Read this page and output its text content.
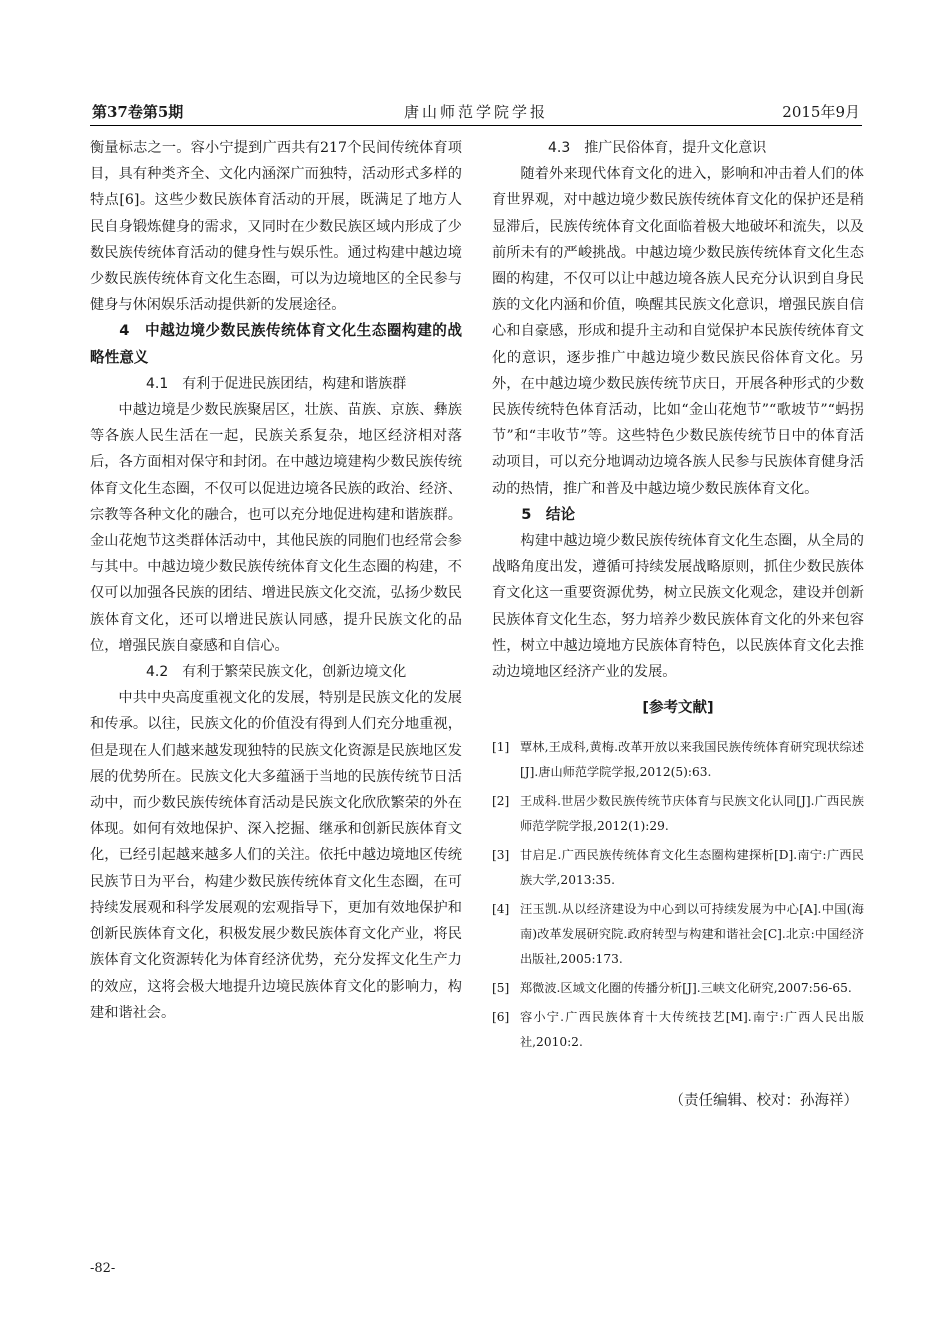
第37卷第5期	唐山师范学院学报	2015年9月

衡量标志之一。容小宁提到广西共有217个民间传统体育项目，具有种类齐全、文化内涵深广而独特，活动形式多样的特点[6]。这些少数民族体育活动的开展，既满足了地方人民自身锻炼健身的需求，又同时在少数民族区域内形成了少数民族传统体育活动的健身性与娱乐性。通过构建中越边境少数民族传统体育文化生态圈，可以为边境地区的全民参与健身与休闲娱乐活动提供新的发展途径。

4　中越边境少数民族传统体育文化生态圈构建的战略性意义

4.1　有利于促进民族团结，构建和谐族群

中越边境是少数民族聚居区，壮族、苗族、京族、彝族等各族人民生活在一起，民族关系复杂，地区经济相对落后，各方面相对保守和封闭。在中越边境建构少数民族传统体育文化生态圈，不仅可以促进边境各民族的政治、经济、宗教等各种文化的融合，也可以充分地促进构建和谐族群。金山花炮节这类群体活动中，其他民族的同胞们也经常会参与其中。中越边境少数民族传统体育文化生态圈的构建，不仅可以加强各民族的团结、增进民族文化交流，弘扬少数民族体育文化，还可以增进民族认同感，提升民族文化的品位，增强民族自豪感和自信心。

4.2　有利于繁荣民族文化，创新边境文化

中共中央高度重视文化的发展，特别是民族文化的发展和传承。以往，民族文化的价值没有得到人们充分地重视，但是现在人们越来越发现独特的民族文化资源是民族地区发展的优势所在。民族文化大多蕴涵于当地的民族传统节日活动中，而少数民族传统体育活动是民族文化欣欣繁荣的外在体现。如何有效地保护、深入挖掘、继承和创新民族体育文化，已经引起越来越多人们的关注。依托中越边境地区传统民族节日为平台，构建少数民族传统体育文化生态圈，在可持续发展观和科学发展观的宏观指导下，更加有效地保护和创新民族体育文化，积极发展少数民族体育文化产业，将民族体育文化资源转化为体育经济优势，充分发挥文化生产力的效应，这将会极大地提升边境民族体育文化的影响力，构建和谐社会。

4.3　推广民俗体育，提升文化意识

随着外来现代体育文化的进入，影响和冲击着人们的体育世界观，对中越边境少数民族传统体育文化的保护还是稍显滞后，民族传统体育文化面临着极大地破坏和流失，以及前所未有的严峻挑战。中越边境少数民族传统体育文化生态圈的构建，不仅可以让中越边境各族人民充分认识到自身民族的文化内涵和价值，唤醒其民族文化意识，增强民族自信心和自豪感，形成和提升主动和自觉保护本民族传统体育文化的意识，逐步推广中越边境少数民族民俗体育文化。另外，在中越边境少数民族传统节庆日，开展各种形式的少数民族传统特色体育活动，比如“金山花炮节”“歌坡节”“蚂拐节”和“丰收节”等。这些特色少数民族传统节日中的体育活动项目，可以充分地调动边境各族人民参与民族体育健身活动的热情，推广和普及中越边境少数民族体育文化。

5　结论

构建中越边境少数民族传统体育文化生态圈，从全局的战略角度出发，遵循可持续发展战略原则，抓住少数民族体育文化这一重要资源优势，树立民族文化观念，建设并创新民族体育文化生态，努力培养少数民族体育文化的外来包容性，树立中越边境地方民族体育特色，以民族体育文化去推动边境地区经济产业的发展。

[参考文献]
[1] 覃林,王成科,黄梅.改革开放以来我国民族传统体育研究现状综述[J].唐山师范学院学报,2012(5):63.
[2] 王成科.世居少数民族传统节庆体育与民族文化认同[J].广西民族师范学院学报,2012(1):29.
[3] 甘启足.广西民族传统体育文化生态圈构建探析[D].南宁:广西民族大学,2013:35.
[4] 汪玉凯.从以经济建设为中心到以可持续发展为中心[A].中国(海南)改革发展研究院.政府转型与构建和谐社会[C].北京:中国经济出版社,2005:173.
[5] 郑微波.区域文化圈的传播分析[J].三峡文化研究,2007:56-65.
[6] 容小宁.广西民族体育十大传统技艺[M].南宁:广西人民出版社,2010:2.
（责任编辑、校对：孙海祥）
-82-
